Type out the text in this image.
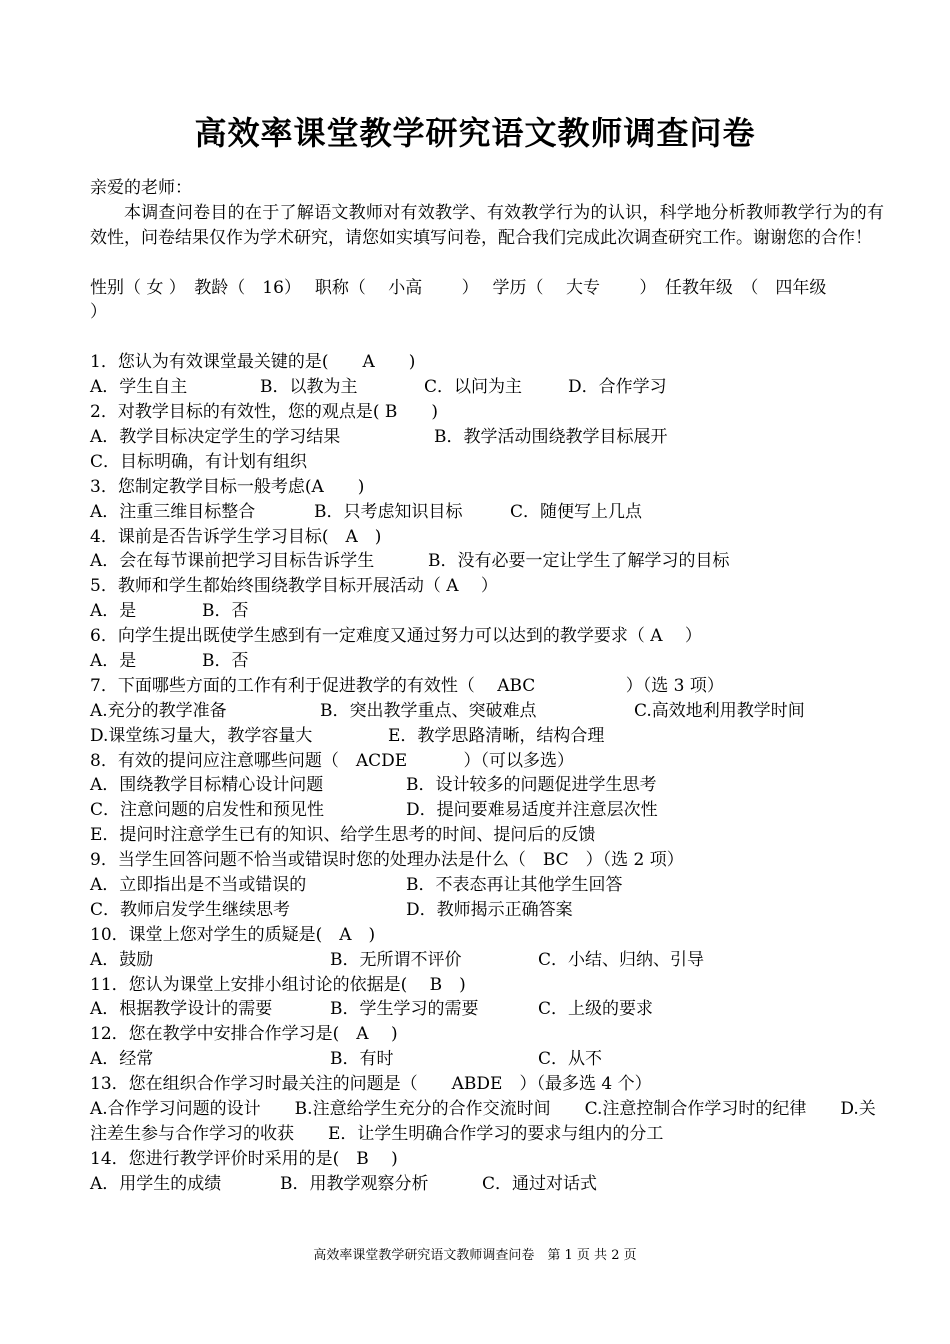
高效率课堂教学研究语文教师调查问卷
亲爱的老师：
本调查问卷目的在于了解语文教师对有效教学、有效教学行为的认识，科学地分析教师教学行为的有效性，问卷结果仅作为学术研究，请您如实填写问卷，配合我们完成此次调查研究工作。谢谢您的合作！
性别（ 女 ）　教龄（　16）　 职称（　 小高　　 ）　 学历（　 大专　　 ）　任教年级　（　四年级
）
1．您认为有效课堂最关键的是(　　A　　)
A．学生自主	B．以教为主	C．以问为主	D．合作学习
2．对教学目标的有效性，您的观点是( B　　)
A．教学目标决定学生的学习结果	B．教学活动围绕教学目标展开
C．目标明确，有计划有组织
3．您制定教学目标一般考虑(A　　)
A．注重三维目标整合	B．只考虑知识目标	C．随便写上几点
4．课前是否告诉学生学习目标(　A　)
A．会在每节课前把学习目标告诉学生	B．没有必要一定让学生了解学习的目标
5．教师和学生都始终围绕教学目标开展活动（ A　 ）
A．是	B．否
6．向学生提出既使学生感到有一定难度又通过努力可以达到的教学要求（ A　 ）
A．是	B．否
7．下面哪些方面的工作有利于促进教学的有效性（　 ABC　　　　　 ）（选 3 项）
A.充分的教学准备	B．突出教学重点、突破难点	C.高效地利用教学时间
D.课堂练习量大，教学容量大	E．教学思路清晰，结构合理
8．有效的提问应注意哪些问题（　ACDE　　　 ）（可以多选）
A．围绕教学目标精心设计问题	B．设计较多的问题促进学生思考
C．注意问题的启发性和预见性	D．提问要难易适度并注意层次性
E．提问时注意学生已有的知识、给学生思考的时间、提问后的反馈
9．当学生回答问题不恰当或错误时您的处理办法是什么（　BC　）（选 2 项）
A．立即指出是不当或错误的	B．不表态再让其他学生回答
C．教师启发学生继续思考	D．教师揭示正确答案
10．课堂上您对学生的质疑是(　A　)
A．鼓励	B．无所谓不评价	C．小结、归纳、引导
11．您认为课堂上安排小组讨论的依据是(　 B　)
A．根据教学设计的需要	B．学生学习的需要	C．上级的要求
12．您在教学中安排合作学习是(　A　 )
A．经常	B．有时	C．从不
13．您在组织合作学习时最关注的问题是（　　ABDE　）（最多选 4 个）
A.合作学习问题的设计　　B.注意给学生充分的合作交流时间　　C.注意控制合作学习时的纪律　　D.关注差生参与合作学习的收获　　E．让学生明确合作学习的要求与组内的分工
14．您进行教学评价时采用的是(　B　 )
A．用学生的成绩	B．用教学观察分析	C．通过对话式
高效率课堂教学研究语文教师调查问卷　第 1 页 共 2 页
